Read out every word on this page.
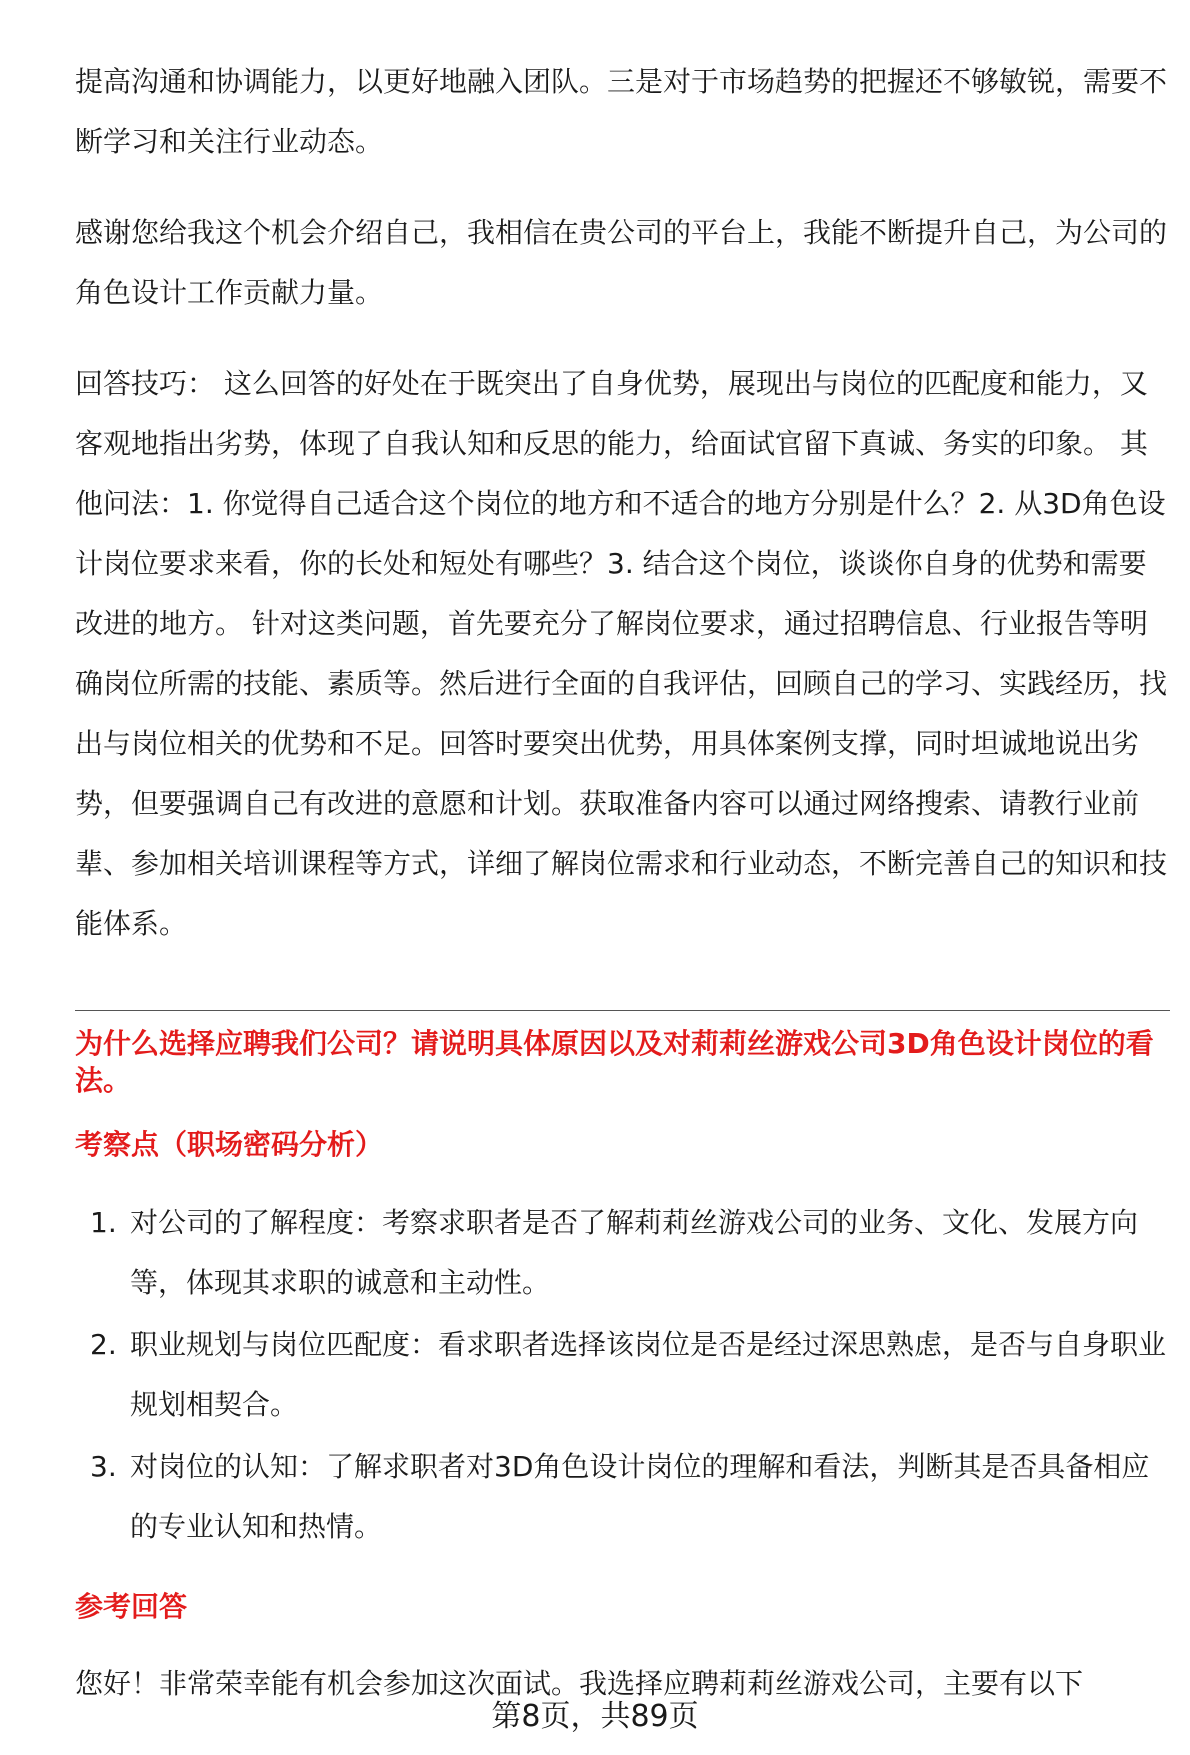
提高沟通和协调能力，以更好地融入团队。三是对于市场趋势的把握还不够敏锐，需要不断学习和关注行业动态。

感谢您给我这个机会介绍自己，我相信在贵公司的平台上，我能不断提升自己，为公司的角色设计工作贡献力量。

回答技巧： 这么回答的好处在于既突出了自身优势，展现出与岗位的匹配度和能力，又客观地指出劣势，体现了自我认知和反思的能力，给面试官留下真诚、务实的印象。 其他问法：1. 你觉得自己适合这个岗位的地方和不适合的地方分别是什么？2. 从3D角色设计岗位要求来看，你的长处和短处有哪些？3. 结合这个岗位，谈谈你自身的优势和需要改进的地方。 针对这类问题，首先要充分了解岗位要求，通过招聘信息、行业报告等明确岗位所需的技能、素质等。然后进行全面的自我评估，回顾自己的学习、实践经历，找出与岗位相关的优势和不足。回答时要突出优势，用具体案例支撑，同时坦诚地说出劣势，但要强调自己有改进的意愿和计划。获取准备内容可以通过网络搜索、请教行业前辈、参加相关培训课程等方式，详细了解岗位需求和行业动态，不断完善自己的知识和技能体系。

为什么选择应聘我们公司？请说明具体原因以及对莉莉丝游戏公司3D角色设计岗位的看法。

考察点（职场密码分析）

1. 对公司的了解程度：考察求职者是否了解莉莉丝游戏公司的业务、文化、发展方向等，体现其求职的诚意和主动性。
2. 职业规划与岗位匹配度：看求职者选择该岗位是否是经过深思熟虑，是否与自身职业规划相契合。
3. 对岗位的认知：了解求职者对3D角色设计岗位的理解和看法，判断其是否具备相应的专业认知和热情。

参考回答

您好！非常荣幸能有机会参加这次面试。我选择应聘莉莉丝游戏公司，主要有以下

第8页，共89页
